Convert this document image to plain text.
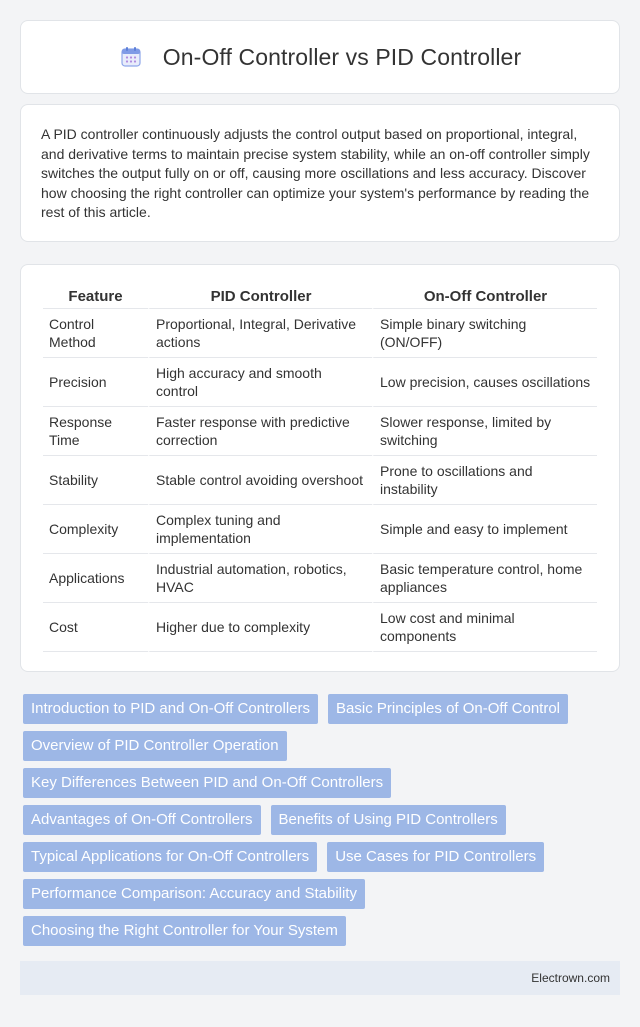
On-Off Controller vs PID Controller

A PID controller continuously adjusts the control output based on proportional, integral, and derivative terms to maintain precise system stability, while an on-off controller simply switches the output fully on or off, causing more oscillations and less accuracy. Discover how choosing the right controller can optimize your system's performance by reading the rest of this article.

Feature	PID Controller	On-Off Controller
Control Method	Proportional, Integral, Derivative actions	Simple binary switching (ON/OFF)
Precision	High accuracy and smooth control	Low precision, causes oscillations
Response Time	Faster response with predictive correction	Slower response, limited by switching
Stability	Stable control avoiding overshoot	Prone to oscillations and instability
Complexity	Complex tuning and implementation	Simple and easy to implement
Applications	Industrial automation, robotics, HVAC	Basic temperature control, home appliances
Cost	Higher due to complexity	Low cost and minimal components
Introduction to PID and On-Off Controllers	Basic Principles of On-Off Control
Overview of PID Controller Operation
Key Differences Between PID and On-Off Controllers
Advantages of On-Off Controllers	Benefits of Using PID Controllers
Typical Applications for On-Off Controllers	Use Cases for PID Controllers
Performance Comparison: Accuracy and Stability
Choosing the Right Controller for Your System
Electrown.com
